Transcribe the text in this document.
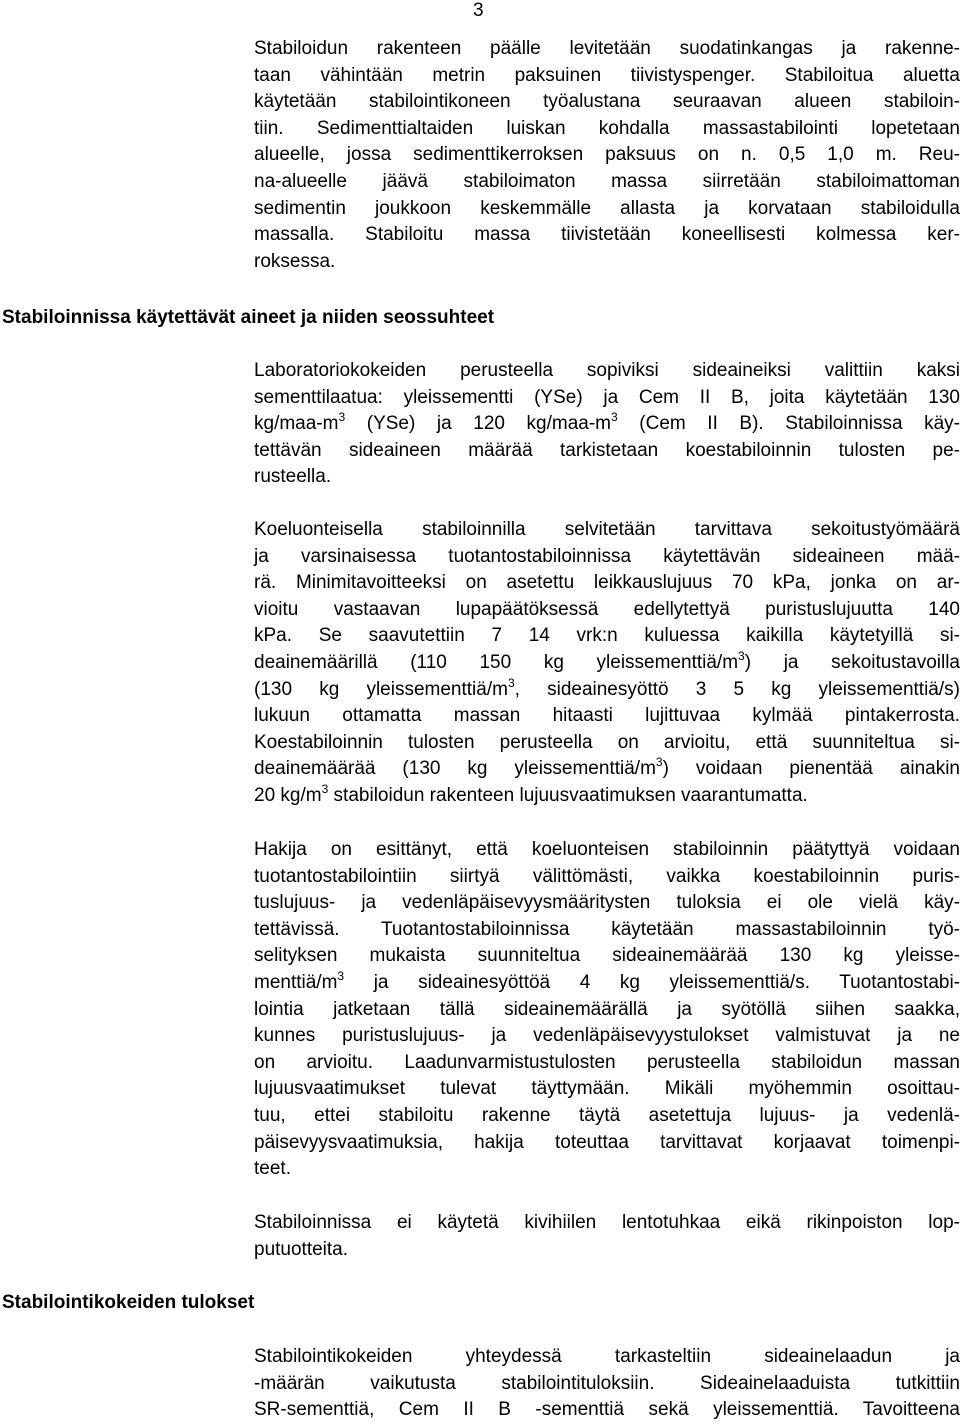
3
Stabiloidun rakenteen päälle levitetään suodatinkangas ja rakenne-
taan vähintään metrin paksuinen tiivistyspenger. Stabiloitua aluetta
käytetään stabilointikoneen työalustana seuraavan alueen stabiloin-
tiin. Sedimenttialtaiden luiskan kohdalla massastabilointi lopetetaan
alueelle, jossa sedimenttikerroksen paksuus on n. 0,5 1,0 m. Reu-
na-alueelle jäävä stabiloimaton massa siirretään stabiloimattoman
sedimentin joukkoon keskemmälle allasta ja korvataan stabiloidulla
massalla. Stabiloitu massa tiivistetään koneellisesti kolmessa ker-
roksessa.
Stabiloinnissa käytettävät aineet ja niiden seossuhteet
Laboratoriokokeiden perusteella sopiviksi sideaineiksi valittiin kaksi
sementtilaatua: yleissementti (YSe) ja Cem II B, joita käytetään 130
$kg/maa-m^3$ (YSe) ja 120 $kg/maa-m^3$ (Cem II B). Stabiloinnissa käy-
tettävän sideaineen määrää tarkistetaan koestabiloinnin tulosten pe-
rusteella.
Koeluonteisella stabiloinnilla selvitetään tarvittava sekoitustyömäärä
ja varsinaisessa tuotantostabiloinnissa käytettävän sideaineen mää-
rä. Minimitavoitteeksi on asetettu leikkauslujuus 70 kPa, jonka on ar-
vioitu vastaavan lupapäätöksessä edellytettyä puristuslujuutta 140
kPa. Se saavutettiin 7 14 vrk:n kuluessa kaikilla käytetyillä si-
deainemäärillä (110 150 kg yleissementtiä/$m^3$) ja sekoitustavoilla
(130 kg yleissementtiä/$m^3$, sideainesyöttö 3 5 kg yleissementtiä/s)
lukuun ottamatta massan hitaasti lujittuvaa kylmää pintakerrosta.
Koestabiloinnin tulosten perusteella on arvioitu, että suunniteltua si-
deainemäärää (130 kg yleissementtiä/$m^3$) voidaan pienentää ainakin
20 $kg/m^3$ stabiloidun rakenteen lujuusvaatimuksen vaarantumatta.
Hakija on esittänyt, että koeluonteisen stabiloinnin päätyttyä voidaan
tuotantostabilointiin siirtyä välittömästi, vaikka koestabiloinnin puris-
tuslujuus- ja vedenläpäisevyysmääritysten tuloksia ei ole vielä käy-
tettävissä. Tuotantostabiloinnissa käytetään massastabiloinnin työ-
selityksen mukaista suunniteltua sideainemäärää 130 kg yleisse-
menttiä/$m^3$ ja sideainesyöttöä 4 kg yleissementtiä/s. Tuotantostabi-
lointia jatketaan tällä sideainemäärällä ja syötöllä siihen saakka,
kunnes puristuslujuus- ja vedenläpäisevyystulokset valmistuvat ja ne
on arvioitu. Laadunvarmistustulosten perusteella stabiloidun massan
lujuusvaatimukset tulevat täyttymään. Mikäli myöhemmin osoittau-
tuu, ettei stabiloitu rakenne täytä asetettuja lujuus- ja vedenlä-
päisevyysvaatimuksia, hakija toteuttaa tarvittavat korjaavat toimenpi-
teet.
Stabiloinnissa ei käytetä kivihiilen lentotuhkaa eikä rikinpoiston lop-
putuotteita.
Stabilointikokeiden tulokset
Stabilointikokeiden yhteydessä tarkasteltiin sideainelaadun ja
-määrän vaikutusta stabilointituloksiin. Sideainelaaduista tutkittiin
SR-sementtiä, Cem II B -sementtiä sekä yleissementtiä. Tavoitteena
